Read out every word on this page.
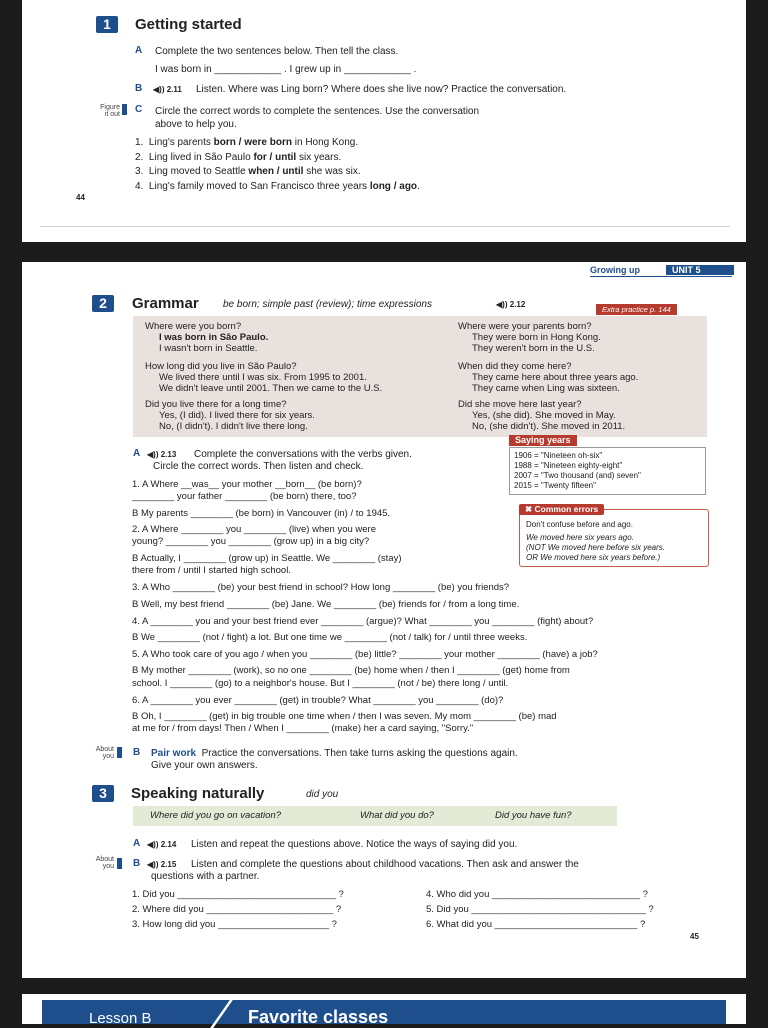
1	Getting started
A Complete the two sentences below. Then tell the class.
I was born in ____________ . I grew up in ____________ .
B ◀)) 2.11 Listen. Where was Ling born? Where does she live now? Practice the conversation.
Figure
it out C Circle the correct words to complete the sentences. Use the conversation
above to help you.
1. Ling's parents born / were born in Hong Kong.
2. Ling lived in São Paulo for / until six years.
3. Ling moved to Seattle when / until she was six.
4. Ling's family moved to San Francisco three years long / ago.
44
Growing up	UNIT 5
2	Grammar be born; simple past (review); time expressions	◀)) 2.12
Extra practice p. 144
Where were you born?
I was born in São Paulo.
I wasn't born in Seattle.
How long did you live in São Paulo?
We lived there until I was six. From 1995 to 2001.
We didn't leave until 2001. Then we came to the U.S.
Did you live there for a long time?
Yes, (I did). I lived there for six years.
No, (I didn't). I didn't live there long.
Where were your parents born?
They were born in Hong Kong.
They weren't born in the U.S.
When did they come here?
They came here about three years ago.
They came when Ling was sixteen.
Did she move here last year?
Yes, (she did). She moved in May.
No, (she didn't). She moved in 2011.
Saying years
1906 = "Nineteen oh-six"
1988 = "Nineteen eighty-eight"
2007 = "Two thousand (and) seven"
2015 = "Twenty fifteen"
Don't confuse before and ago.
We moved here six years ago.
(NOT We moved here before six years.
OR We moved here six years before.)
✖ Common errors
A ◀)) 2.13 Complete the conversations with the verbs given.
Circle the correct words. Then listen and check.
1. A Where __was__ your mother __born__ (be born)?
________ your father ________ (be born) there, too?
B My parents ________ (be born) in Vancouver (in) / to 1945.
2. A Where ________ you ________ (live) when you were
young? ________ you ________ (grow up) in a big city?
B Actually, I ________ (grow up) in Seattle. We ________ (stay)
there from / until I started high school.
3. A Who ________ (be) your best friend in school? How long ________ (be) you friends?
B Well, my best friend ________ (be) Jane. We ________ (be) friends for / from a long time.
4. A ________ you and your best friend ever ________ (argue)? What ________ you ________ (fight) about?
B We ________ (not / fight) a lot. But one time we ________ (not / talk) for / until three weeks.
5. A Who took care of you ago / when you ________ (be) little? ________ your mother ________ (have) a job?
B My mother ________ (work), so no one ________ (be) home when / then I ________ (get) home from
school. I ________ (go) to a neighbor's house. But I ________ (not / be) there long / until.
6. A ________ you ever ________ (get) in trouble? What ________ you ________ (do)?
B Oh, I ________ (get) in big trouble one time when / then I was seven. My mom ________ (be) mad
at me for / from days! Then / When I ________ (make) her a card saying, "Sorry."
About
you B Pair work Practice the conversations. Then take turns asking the questions again.
Give your own answers.
3	Speaking naturally	did you
Where did you go on vacation?	What did you do?	Did you have fun?
A ◀)) 2.14 Listen and repeat the questions above. Notice the ways of saying did you.
About
you B ◀)) 2.15 Listen and complete the questions about childhood vacations. Then ask and answer the
questions with a partner.
1. Did you ______________________________ ?
2. Where did you ________________________ ?
3. How long did you _____________________ ?
4. Who did you ____________________________ ?
5. Did you _________________________________ ?
6. What did you ___________________________ ?
45
Lesson B	Favorite classes
